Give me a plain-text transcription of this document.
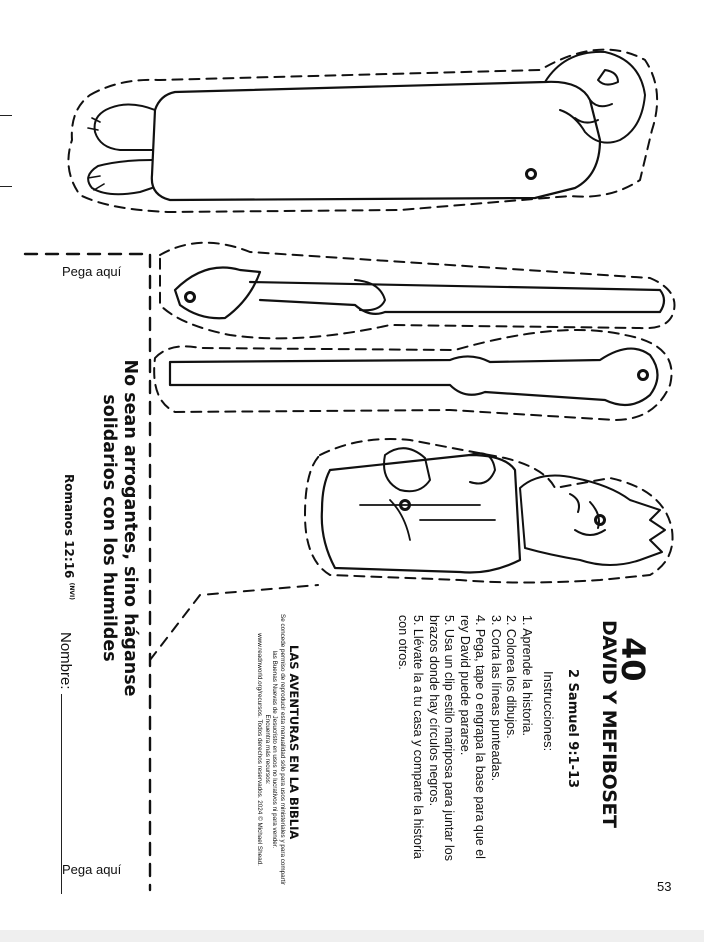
Pega aquí
Pega aquí
53
40
DAVID Y MEFIBOSET
2 Samuel 9:1-13
Instrucciones:
1. Aprende la historia.
2. Colorea los dibujos.
3. Corta las líneas punteadas.
4. Pega, tape o engrapa la base para que el rey David puede pararse.
5. Usa un clip estilo mariposa para juntar los brazos donde hay círculos negros.
5. Llévate la a tu casa y comparte la historia con otros.
No sean arrogantes, sino háganse
solidarios con los humildes
Romanos 12:16 $^{(NVI)}$
Nombre:	LAS AVENTURAS EN LA BIBLIA
Se concede permiso de reproducir esta manualidad sólo para usos ministeriales y para compartir las Buenas Nuevas de Jesucristo en usos no lucrativos ni para vender.
Encuentra más recursos:
www.readnworld.org/recursos. Todos derechos reservados. 2024 © Michael Shead.
